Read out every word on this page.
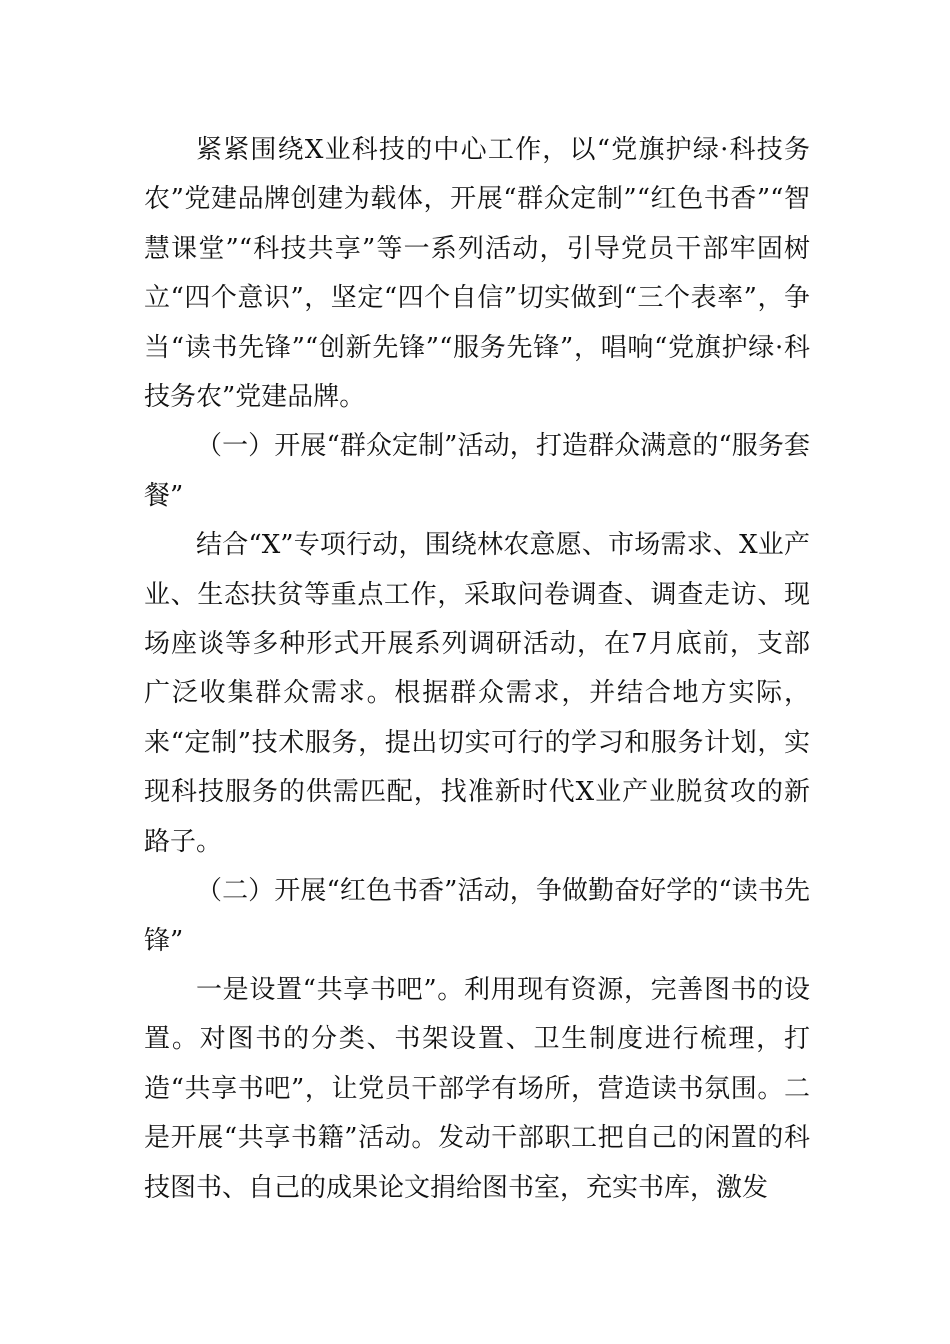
紧紧围绕X业科技的中心工作，以“党旗护绿·科技务农”党建品牌创建为载体，开展“群众定制”“红色书香”“智慧课堂”“科技共享”等一系列活动，引导党员干部牢固树立“四个意识”，坚定“四个自信”切实做到“三个表率”，争当“读书先锋”“创新先锋”“服务先锋”，唱响“党旗护绿·科技务农”党建品牌。

（一）开展“群众定制”活动，打造群众满意的“服务套餐”

结合“X”专项行动，围绕林农意愿、市场需求、X业产业、生态扶贫等重点工作，采取问卷调查、调查走访、现场座谈等多种形式开展系列调研活动，在7月底前，支部广泛收集群众需求。根据群众需求，并结合地方实际，来“定制”技术服务，提出切实可行的学习和服务计划，实现科技服务的供需匹配，找准新时代X业产业脱贫攻的新路子。

（二）开展“红色书香”活动，争做勤奋好学的“读书先锋”

一是设置“共享书吧”。利用现有资源，完善图书的设置。对图书的分类、书架设置、卫生制度进行梳理，打造“共享书吧”，让党员干部学有场所，营造读书氛围。二是开展“共享书籍”活动。发动干部职工把自己的闲置的科技图书、自己的成果论文捐给图书室，充实书库，激发
